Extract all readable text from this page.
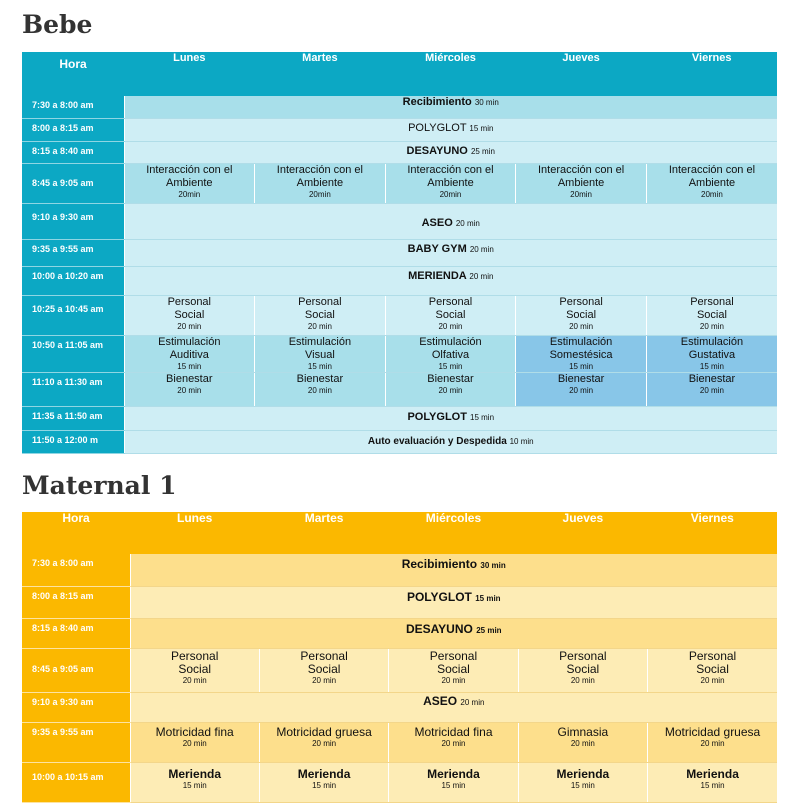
Bebe
Hora	Lunes	Martes	Miércoles	Jueves	Viernes
7:30 a 8:00 am	Recibimiento 30 min				
8:00 a 8:15 am	POLYGLOT 15 min				
8:15 a 8:40 am	DESAYUNO 25 min				
8:45 a 9:05 am	Interacción con el
Ambiente
20min	Interacción con el
Ambiente
20min	Interacción con el
Ambiente
20min	Interacción con el
Ambiente
20min	Interacción con el
Ambiente
20min

9:10 a 9:30 am	ASEO 20 min				
9:35 a 9:55 am	BABY GYM 20 min				
10:00 a 10:20 am	MERIENDA 20 min				
10:25 a 10:45 am	Personal
Social
20 min	Personal
Social
20 min	Personal
Social
20 min	Personal
Social
20 min	Personal
Social
20 min

10:50 a 11:05 am	Estimulación
Auditiva
15 min	Estimulación
Visual
15 min	Estimulación
Olfativa
15 min	Estimulación
Somestésica
15 min	Estimulación
Gustativa
15 min

11:10 a 11:30 am	Bienestar
20 min	Bienestar
20 min	Bienestar
20 min	Bienestar
20 min	Bienestar
20 min

11:35 a 11:50 am	POLYGLOT 15 min				
11:50 a 12:00 m	Auto evaluación y Despedida 10 min				
Maternal 1
Hora	Lunes	Martes	Miércoles	Jueves	Viernes
7:30 a 8:00 am	Recibimiento 30 min				
8:00 a 8:15 am	POLYGLOT 15 min				
8:15 a 8:40 am	DESAYUNO 25 min				
8:45 a 9:05 am	Personal
Social
20 min	Personal
Social
20 min	Personal
Social
20 min	Personal
Social
20 min	Personal
Social
20 min

9:10 a 9:30 am	ASEO 20 min				
9:35 a 9:55 am	Motricidad fina
20 min	Motricidad gruesa
20 min	Motricidad fina
20 min	Gimnasia
20 min	Motricidad gruesa
20 min

10:00 a 10:15 am	Merienda
15 min	Merienda
15 min	Merienda
15 min	Merienda
15 min	Merienda
15 min
